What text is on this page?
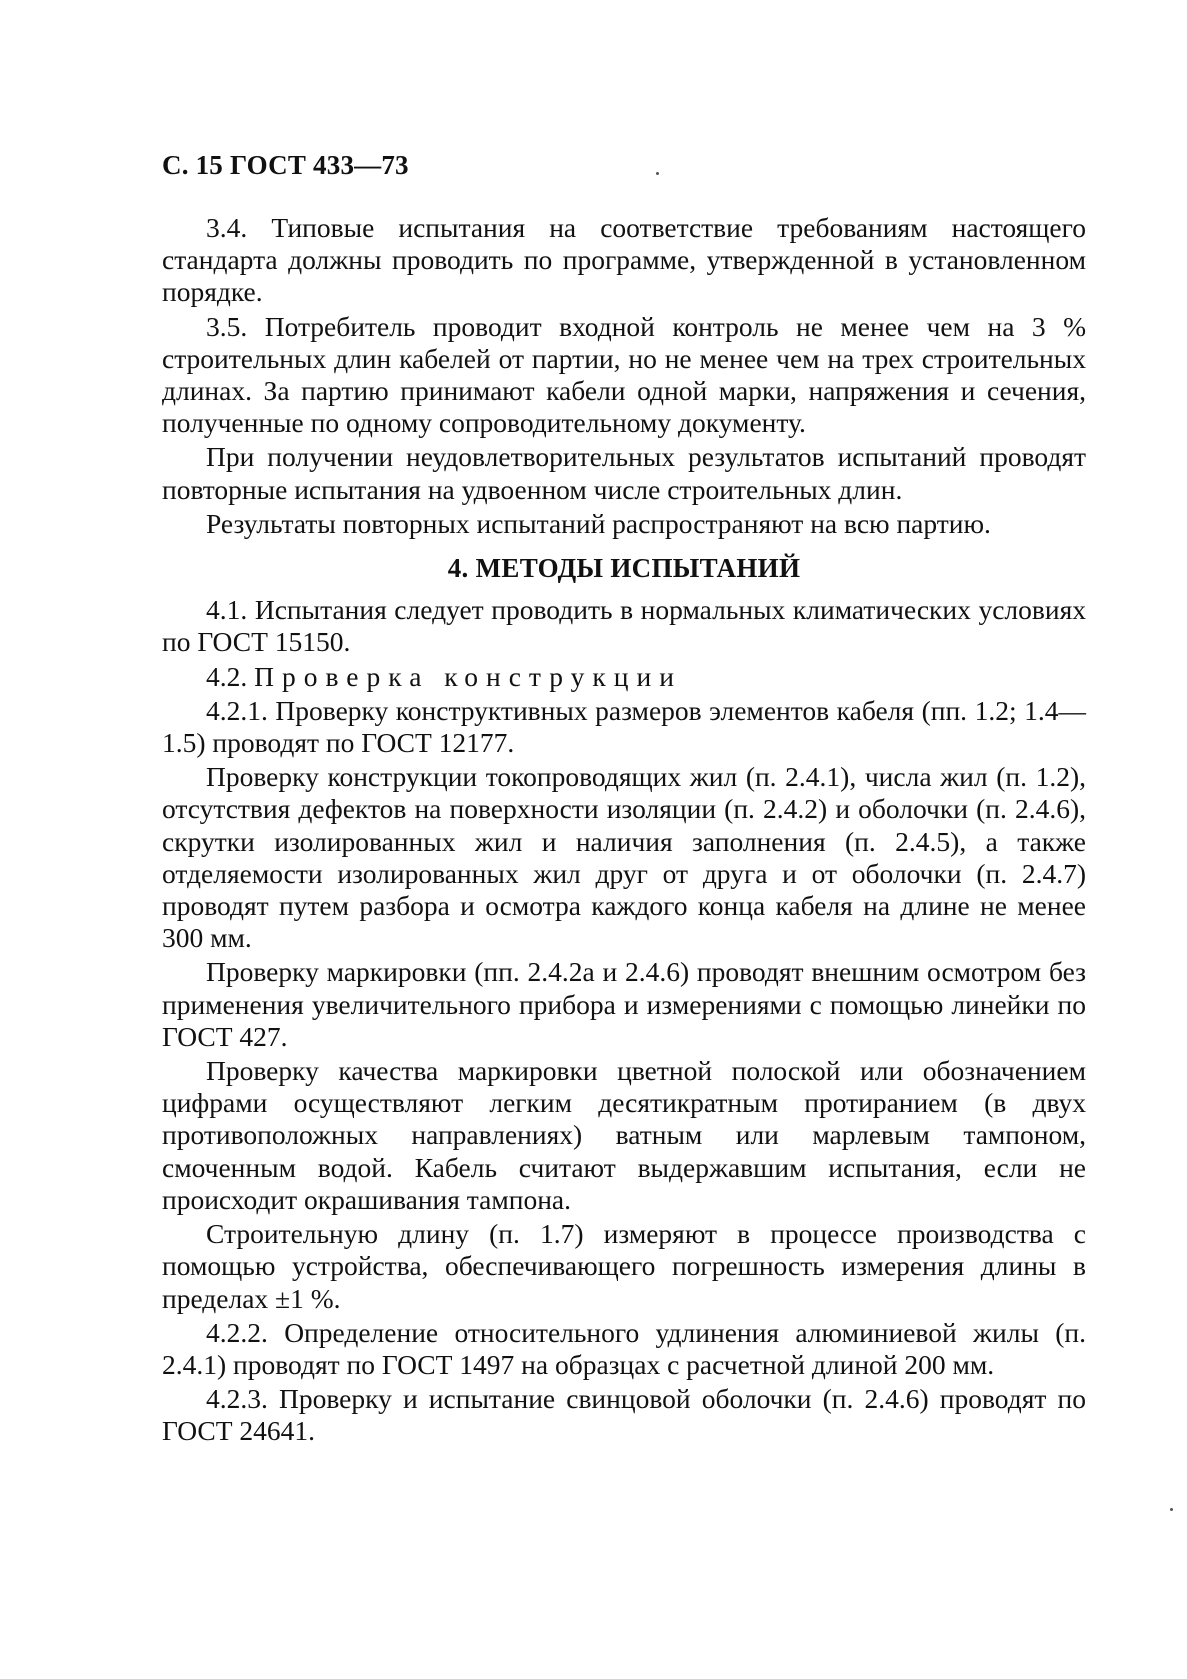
С. 15 ГОСТ 433—73

3.4. Типовые испытания на соответствие требованиям настоящего стандарта должны проводить по программе, утвержденной в установленном порядке.

3.5. Потребитель проводит входной контроль не менее чем на 3 % строительных длин кабелей от партии, но не менее чем на трех строительных длинах. За партию принимают кабели одной марки, напряжения и сечения, полученные по одному сопроводительному документу.

При получении неудовлетворительных результатов испытаний проводят повторные испытания на удвоенном числе строительных длин.

Результаты повторных испытаний распространяют на всю партию.

4. МЕТОДЫ ИСПЫТАНИЙ

4.1. Испытания следует проводить в нормальных климатических условиях по ГОСТ 15150.

4.2. Проверка конструкции

4.2.1. Проверку конструктивных размеров элементов кабеля (пп. 1.2; 1.4—1.5) проводят по ГОСТ 12177.

Проверку конструкции токопроводящих жил (п. 2.4.1), числа жил (п. 1.2), отсутствия дефектов на поверхности изоляции (п. 2.4.2) и оболочки (п. 2.4.6), скрутки изолированных жил и наличия заполнения (п. 2.4.5), а также отделяемости изолированных жил друг от друга и от оболочки (п. 2.4.7) проводят путем разбора и осмотра каждого конца кабеля на длине не менее 300 мм.

Проверку маркировки (пп. 2.4.2а и 2.4.6) проводят внешним осмотром без применения увеличительного прибора и измерениями с помощью линейки по ГОСТ 427.

Проверку качества маркировки цветной полоской или обозначением цифрами осуществляют легким десятикратным протиранием (в двух противоположных направлениях) ватным или марлевым тампоном, смоченным водой. Кабель считают выдержавшим испытания, если не происходит окрашивания тампона.

Строительную длину (п. 1.7) измеряют в процессе производства с помощью устройства, обеспечивающего погрешность измерения длины в пределах ±1 %.

4.2.2. Определение относительного удлинения алюминиевой жилы (п. 2.4.1) проводят по ГОСТ 1497 на образцах с расчетной длиной 200 мм.

4.2.3. Проверку и испытание свинцовой оболочки (п. 2.4.6) проводят по ГОСТ 24641.
